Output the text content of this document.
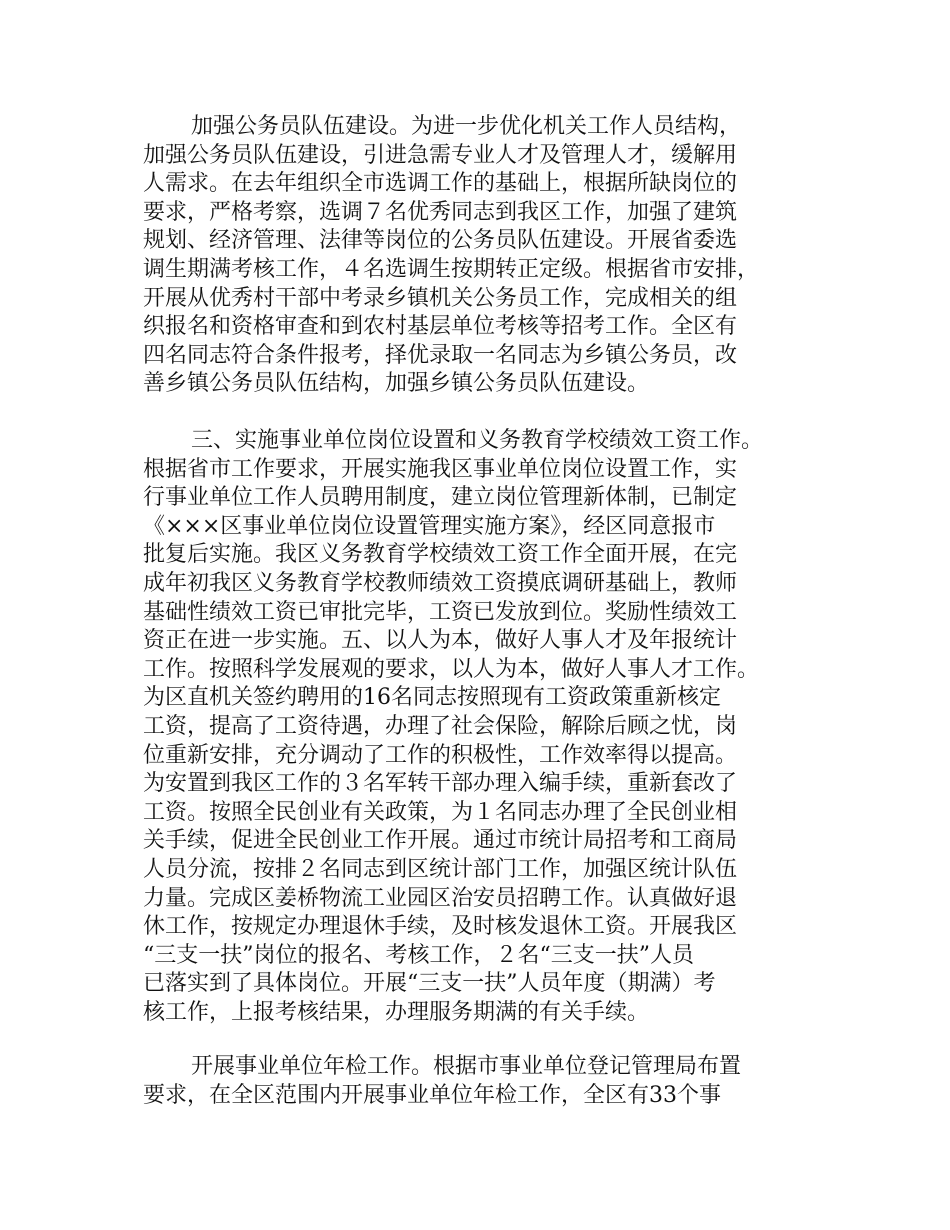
加强公务员队伍建设。为进一步优化机关工作人员结构，
加强公务员队伍建设，引进急需专业人才及管理人才，缓解用
人需求。在去年组织全市选调工作的基础上，根据所缺岗位的
要求，严格考察，选调７名优秀同志到我区工作，加强了建筑
规划、经济管理、法律等岗位的公务员队伍建设。开展省委选
调生期满考核工作，４名选调生按期转正定级。根据省市安排，
开展从优秀村干部中考录乡镇机关公务员工作，完成相关的组
织报名和资格审查和到农村基层单位考核等招考工作。全区有
四名同志符合条件报考，择优录取一名同志为乡镇公务员，改
善乡镇公务员队伍结构，加强乡镇公务员队伍建设。
三、实施事业单位岗位设置和义务教育学校绩效工资工作。
根据省市工作要求，开展实施我区事业单位岗位设置工作，实
行事业单位工作人员聘用制度，建立岗位管理新体制，已制定
《×××区事业单位岗位设置管理实施方案》，经区同意报市
批复后实施。我区义务教育学校绩效工资工作全面开展，在完
成年初我区义务教育学校教师绩效工资摸底调研基础上，教师
基础性绩效工资已审批完毕，工资已发放到位。奖励性绩效工
资正在进一步实施。五、以人为本，做好人事人才及年报统计
工作。按照科学发展观的要求，以人为本，做好人事人才工作。
为区直机关签约聘用的16名同志按照现有工资政策重新核定
工资，提高了工资待遇，办理了社会保险，解除后顾之忧，岗
位重新安排，充分调动了工作的积极性，工作效率得以提高。
为安置到我区工作的３名军转干部办理入编手续，重新套改了
工资。按照全民创业有关政策，为１名同志办理了全民创业相
关手续，促进全民创业工作开展。通过市统计局招考和工商局
人员分流，按排２名同志到区统计部门工作，加强区统计队伍
力量。完成区姜桥物流工业园区治安员招聘工作。认真做好退
休工作，按规定办理退休手续，及时核发退休工资。开展我区
“三支一扶”岗位的报名、考核工作，２名“三支一扶”人员
已落实到了具体岗位。开展“三支一扶”人员年度（期满）考
核工作，上报考核结果，办理服务期满的有关手续。
开展事业单位年检工作。根据市事业单位登记管理局布置
要求，在全区范围内开展事业单位年检工作，全区有33个事
